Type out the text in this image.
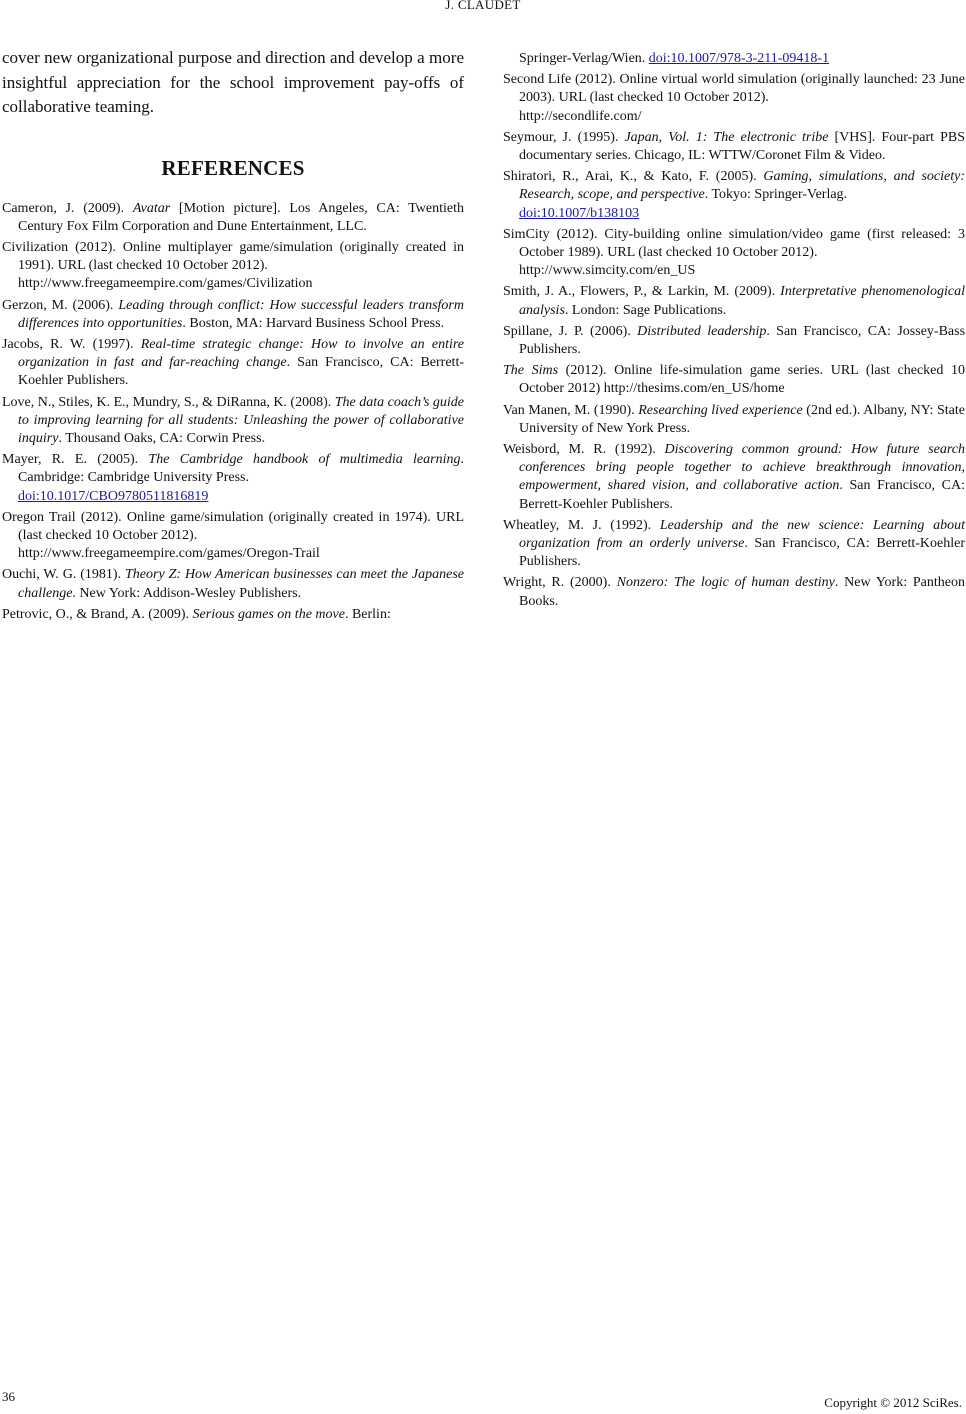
J. CLAUDET

cover new organizational purpose and direction and develop a more insightful appreciation for the school improvement pay-offs of collaborative teaming.

REFERENCES

Cameron, J. (2009). Avatar [Motion picture]. Los Angeles, CA: Twentieth Century Fox Film Corporation and Dune Entertainment, LLC.

Civilization (2012). Online multiplayer game/simulation (originally created in 1991). URL (last checked 10 October 2012).
http://www.freegameempire.com/games/Civilization

Gerzon, M. (2006). Leading through conflict: How successful leaders transform differences into opportunities. Boston, MA: Harvard Business School Press.

Jacobs, R. W. (1997). Real-time strategic change: How to involve an entire organization in fast and far-reaching change. San Francisco, CA: Berrett-Koehler Publishers.

Love, N., Stiles, K. E., Mundry, S., & DiRanna, K. (2008). The data coach’s guide to improving learning for all students: Unleashing the power of collaborative inquiry. Thousand Oaks, CA: Corwin Press.

Mayer, R. E. (2005). The Cambridge handbook of multimedia learning. Cambridge: Cambridge University Press.
doi:10.1017/CBO9780511816819

Oregon Trail (2012). Online game/simulation (originally created in 1974). URL (last checked 10 October 2012).
http://www.freegameempire.com/games/Oregon-Trail

Ouchi, W. G. (1981). Theory Z: How American businesses can meet the Japanese challenge. New York: Addison-Wesley Publishers.

Petrovic, O., & Brand, A. (2009). Serious games on the move. Berlin:

Springer-Verlag/Wien. doi:10.1007/978-3-211-09418-1

Second Life (2012). Online virtual world simulation (originally launched: 23 June 2003). URL (last checked 10 October 2012).
http://secondlife.com/

Seymour, J. (1995). Japan, Vol. 1: The electronic tribe [VHS]. Four-part PBS documentary series. Chicago, IL: WTTW/Coronet Film & Video.

Shiratori, R., Arai, K., & Kato, F. (2005). Gaming, simulations, and society: Research, scope, and perspective. Tokyo: Springer-Verlag.
doi:10.1007/b138103

SimCity (2012). City-building online simulation/video game (first released: 3 October 1989). URL (last checked 10 October 2012).
http://www.simcity.com/en_US

Smith, J. A., Flowers, P., & Larkin, M. (2009). Interpretative phenomenological analysis. London: Sage Publications.

Spillane, J. P. (2006). Distributed leadership. San Francisco, CA: Jossey-Bass Publishers.

The Sims (2012). Online life-simulation game series. URL (last checked 10 October 2012) http://thesims.com/en_US/home

Van Manen, M. (1990). Researching lived experience (2nd ed.). Albany, NY: State University of New York Press.

Weisbord, M. R. (1992). Discovering common ground: How future search conferences bring people together to achieve breakthrough innovation, empowerment, shared vision, and collaborative action. San Francisco, CA: Berrett-Koehler Publishers.

Wheatley, M. J. (1992). Leadership and the new science: Learning about organization from an orderly universe. San Francisco, CA: Berrett-Koehler Publishers.

Wright, R. (2000). Nonzero: The logic of human destiny. New York: Pantheon Books.

36	Copyright © 2012 SciRes.
